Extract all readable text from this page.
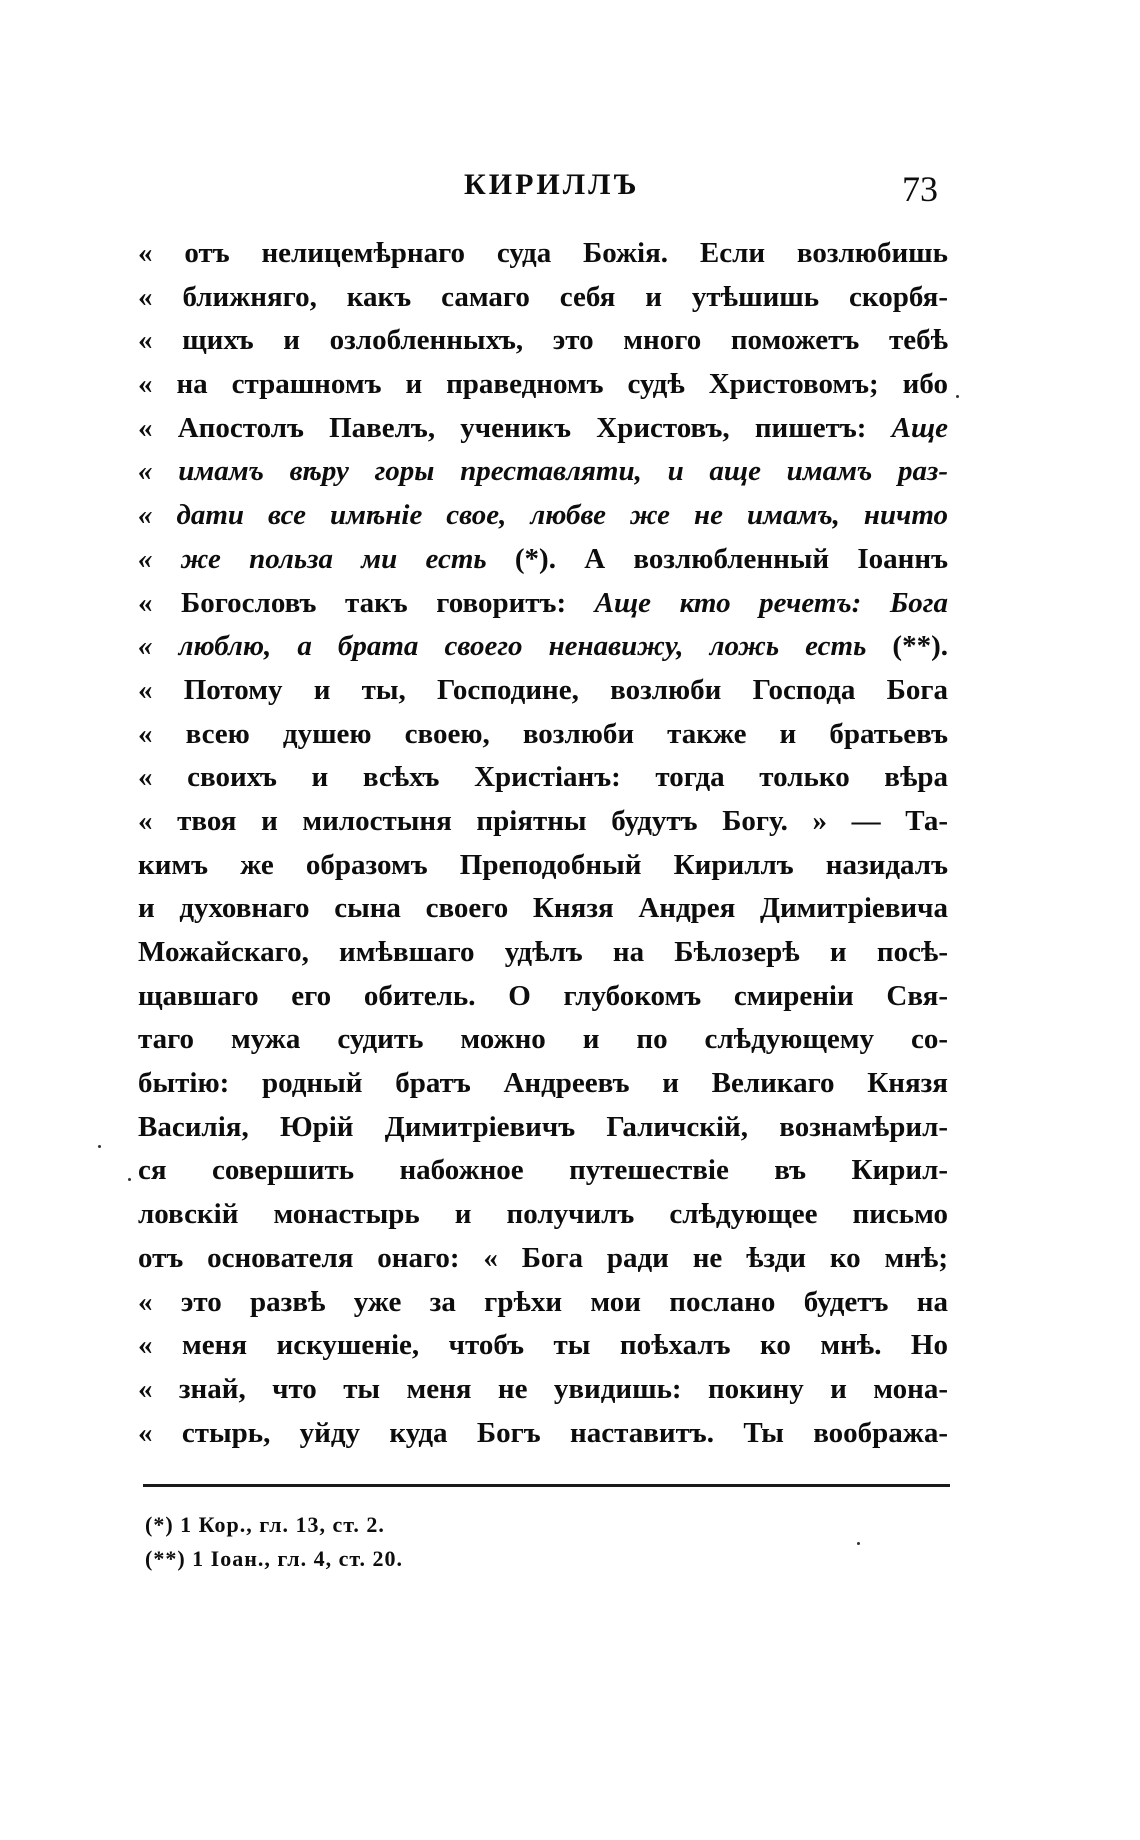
КИРИЛЛЪ	73
« отъ нелицемѣрнаго суда Божія. Если возлюбишь
« ближняго, какъ самаго себя и утѣшишь скорбя-
« щихъ и озлобленныхъ, это много поможетъ тебѣ
« на страшномъ и праведномъ судѣ Христовомъ; ибо
« Апостолъ Павелъ, ученикъ Христовъ, пишетъ: Аще
« имамъ вѣру горы преставляти, и аще имамъ раз-
« дати все имѣніе свое, любве же не имамъ, ничто
« же польза ми есть (*). А возлюбленный Іоаннъ
« Богословъ такъ говоритъ: Аще кто речетъ: Бога
« люблю, а брата своего ненавижу, ложь есть (**).
« Потому и ты, Господине, возлюби Господа Бога
« всею душею своею, возлюби также и братьевъ
« своихъ и всѣхъ Христіанъ: тогда только вѣра
« твоя и милостыня пріятны будутъ Богу. » — Та-
кимъ же образомъ Преподобный Кириллъ назидалъ
и духовнаго сына своего Князя Андрея Димитріевича
Можайскаго, имѣвшаго удѣлъ на Бѣлозерѣ и посѣ-
щавшаго его обитель. О глубокомъ смиреніи Свя-
таго мужа судить можно и по слѣдующему со-
бытію: родный братъ Андреевъ и Великаго Князя
Василія, Юрій Димитріевичъ Галичскій, вознамѣрил-
ся совершить набожное путешествіе въ Кирил-
ловскій монастырь и получилъ слѣдующее письмо
отъ основателя онаго: « Бога ради не ѣзди ко мнѣ;
« это развѣ уже за грѣхи мои послано будетъ на
« меня искушеніе, чтобъ ты поѣхалъ ко мнѣ. Но
« знай, что ты меня не увидишь: покину и мона-
« стырь, уйду куда Богъ наставитъ. Ты вообража-
(*) 1 Кор., гл. 13, ст. 2.
(**) 1 Іоан., гл. 4, ст. 20.
